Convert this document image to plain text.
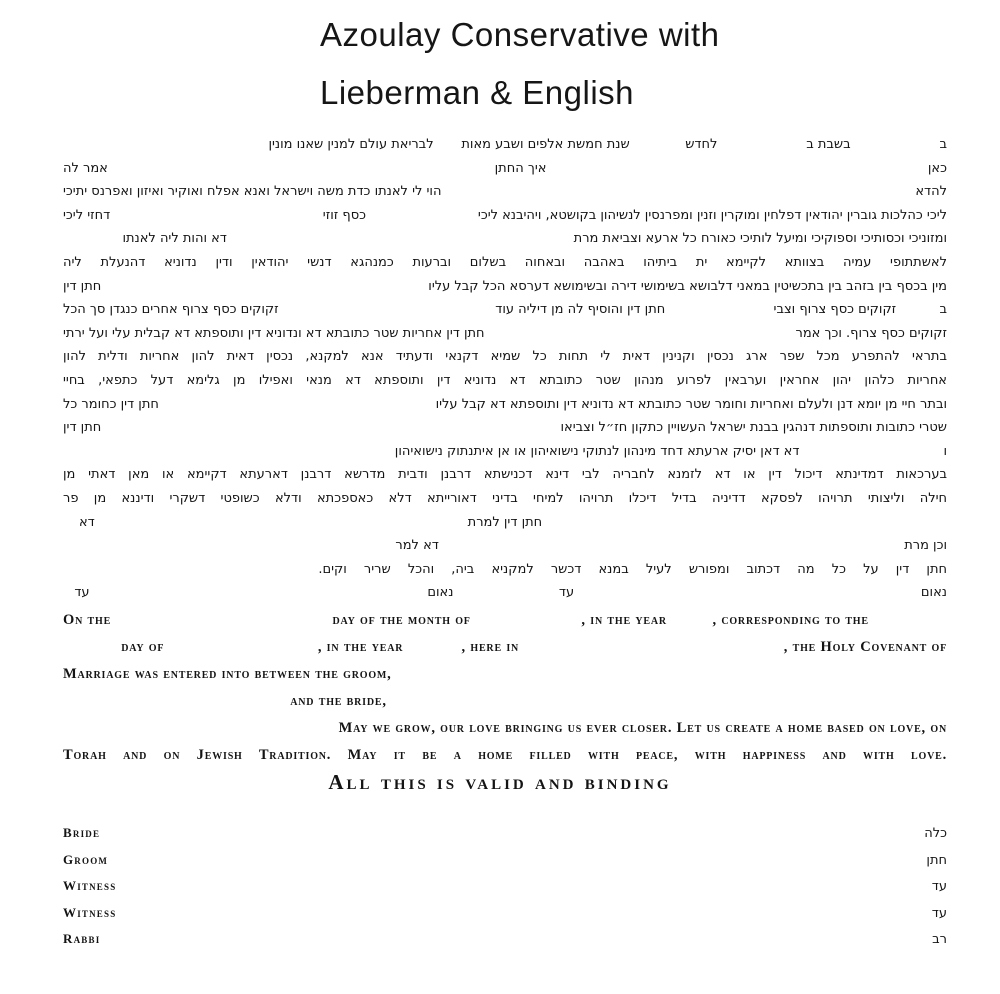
Azoulay Conservative with
Lieberman & English
ב
בשבת ב
לחדש
שנת חמשת אלפים ושבע מאות
לבריאת עולם למנין שאנו מונין
כאן
איך החתן
אמר לה
להדא
הוי לי לאנתו כדת משה וישראל ואנא אפלח ואוקיר ואיזון ואפרנס יתיכי
ליכי כהלכות גוברין יהודאין דפלחין ומוקרין וזנין ומפרנסין לנשיהון בקושטא, ויהיבנא ליכי
כסף זוזי
דחזי ליכי
ומזוניכי וכסותיכי וספוקיכי ומיעל לותיכי כאורח כל ארעא וצביאת מרת
דא והות ליה לאנתו
לאשתתופי עמיה בצוותא לקיימא ית ביתיהו באהבה ובאחוה בשלום וברעות כמנהגא דנשי יהודאין ודין נדוניא דהנעלת ליה
מין בכסף בין בזהב בין בתכשיטין במאני דלבושא בשימושי דירה ובשימושא דערסא הכל קבל עליו
חתן דין
ב
זקוקים כסף צרוף וצבי
חתן דין והוסיף לה מן דיליה עוד
זקוקים כסף צרוף אחרים כנגדן סך הכל
זקוקים כסף צרוף. וכך אמר
חתן דין אחריות שטר כתובתא דא ונדוניא דין ותוספתא דא קבלית עלי ועל ירתי
בתראי להתפרע מכל שפר ארג נכסין וקנינין דאית לי תחות כל שמיא דקנאי ודעתיד אנא למקנא, נכסין דאית להון אחריות ודלית להון
אחריות כלהון יהון אחראין וערבאין לפרוע מנהון שטר כתובתא דא נדוניא דין ותוספתא דא מנאי ואפילו מן גלימא דעל כתפאי, בחיי
ובתר חיי מן יומא דנן ולעלם ואחריות וחומר שטר כתובתא דא נדוניא דין ותוספתא דא קבל עליו
חתן דין כחומר כל
שטרי כתובות ותוספתות דנהגין בבנת ישראל העשויין כתקון חז״ל וצביאו
חתן דין
ו
דא דאן יסיק ארעתא דחד מינהון לנתוקי נישואיהון או אן איתנתוק נישואיהון
בערכאות דמדינתא דיכול דין או דא לזמנא לחבריה לבי דינא דכנישתא דרבנן ודבית מדרשא דרבנן דארעתא דקיימא או מאן דאתי מן
חילה וליצותי תרויהו לפסקא דדיניה בדיל דיכלו תרויהו למיחי בדיני דאורייתא דלא כאספכתא ודלא כשופטי דשקרי ודיננא מן פר
חתן דין למרת
דא
וכן מרת
דא למר
חתן דין על כל מה דכתוב ומפורש לעיל במנא דכשר למקניא ביה, והכל שריר וקים.
נאום
עד
נאום
עד
On the	day of the month of	, in the year	, corresponding to the
day of	, in the year	, here in	, the Holy Covenant of
Marriage was entered into between the groom,
and the bride,
May we grow, our love bringing us ever closer. Let us create a home based on love, on
Torah and on Jewish Tradition. May it be a home filled with peace, with happiness and with love.
All this is valid and binding
Bride	כלה
Groom	חתן
Witness	עד
Witness	עד
Rabbi	רב
